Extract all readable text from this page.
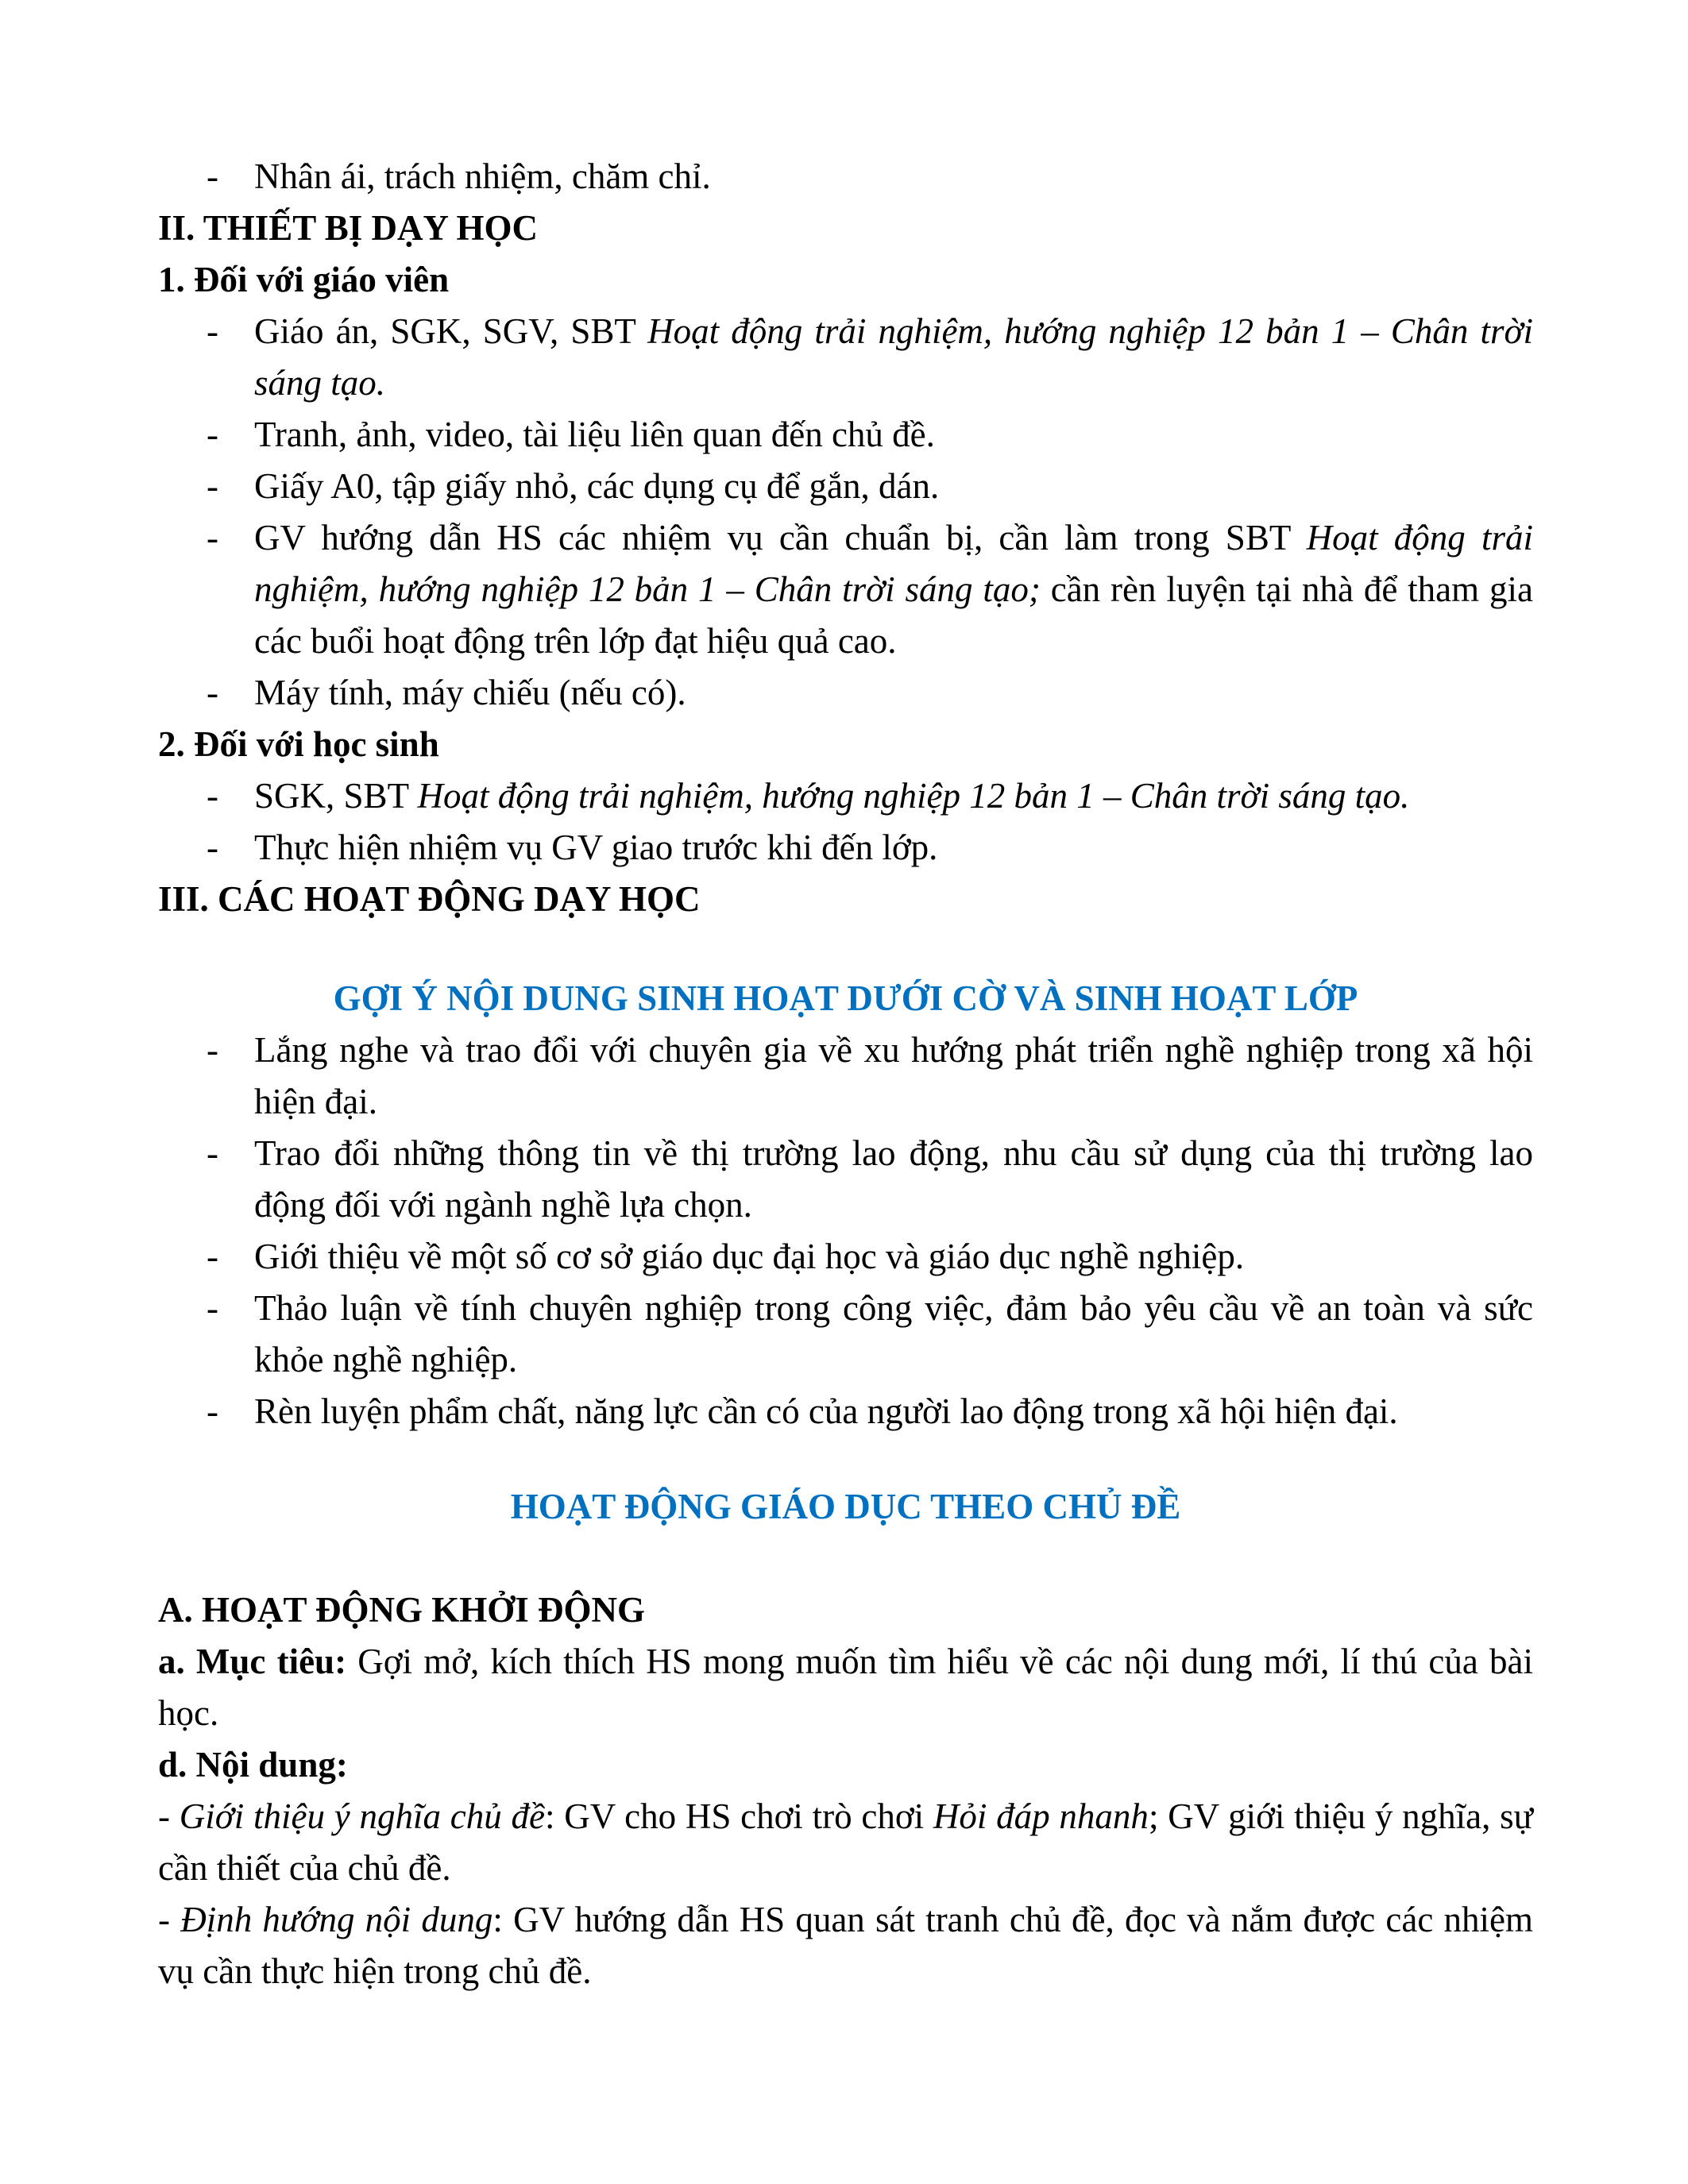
- Nhân ái, trách nhiệm, chăm chỉ.

II. THIẾT BỊ DẠY HỌC

1. Đối với giáo viên

- Giáo án, SGK, SGV, SBT Hoạt động trải nghiệm, hướng nghiệp 12 bản 1 – Chân trời sáng tạo.

- Tranh, ảnh, video, tài liệu liên quan đến chủ đề.

- Giấy A0, tập giấy nhỏ, các dụng cụ để gắn, dán.

- GV hướng dẫn HS các nhiệm vụ cần chuẩn bị, cần làm trong SBT Hoạt động trải nghiệm, hướng nghiệp 12 bản 1 – Chân trời sáng tạo; cần rèn luyện tại nhà để tham gia các buổi hoạt động trên lớp đạt hiệu quả cao.

- Máy tính, máy chiếu (nếu có).

2. Đối với học sinh

- SGK, SBT Hoạt động trải nghiệm, hướng nghiệp 12 bản 1 – Chân trời sáng tạo.

- Thực hiện nhiệm vụ GV giao trước khi đến lớp.

III. CÁC HOẠT ĐỘNG DẠY HỌC

GỢI Ý NỘI DUNG SINH HOẠT DƯỚI CỜ VÀ SINH HOẠT LỚP

- Lắng nghe và trao đổi với chuyên gia về xu hướng phát triển nghề nghiệp trong xã hội hiện đại.

- Trao đổi những thông tin về thị trường lao động, nhu cầu sử dụng của thị trường lao động đối với ngành nghề lựa chọn.

- Giới thiệu về một số cơ sở giáo dục đại học và giáo dục nghề nghiệp.

- Thảo luận về tính chuyên nghiệp trong công việc, đảm bảo yêu cầu về an toàn và sức khỏe nghề nghiệp.

- Rèn luyện phẩm chất, năng lực cần có của người lao động trong xã hội hiện đại.

HOẠT ĐỘNG GIÁO DỤC THEO CHỦ ĐỀ

A. HOẠT ĐỘNG KHỞI ĐỘNG

a. Mục tiêu: Gợi mở, kích thích HS mong muốn tìm hiểu về các nội dung mới, lí thú của bài học.

d. Nội dung:

- Giới thiệu ý nghĩa chủ đề: GV cho HS chơi trò chơi Hỏi đáp nhanh; GV giới thiệu ý nghĩa, sự cần thiết của chủ đề.

- Định hướng nội dung: GV hướng dẫn HS quan sát tranh chủ đề, đọc và nắm được các nhiệm vụ cần thực hiện trong chủ đề.
